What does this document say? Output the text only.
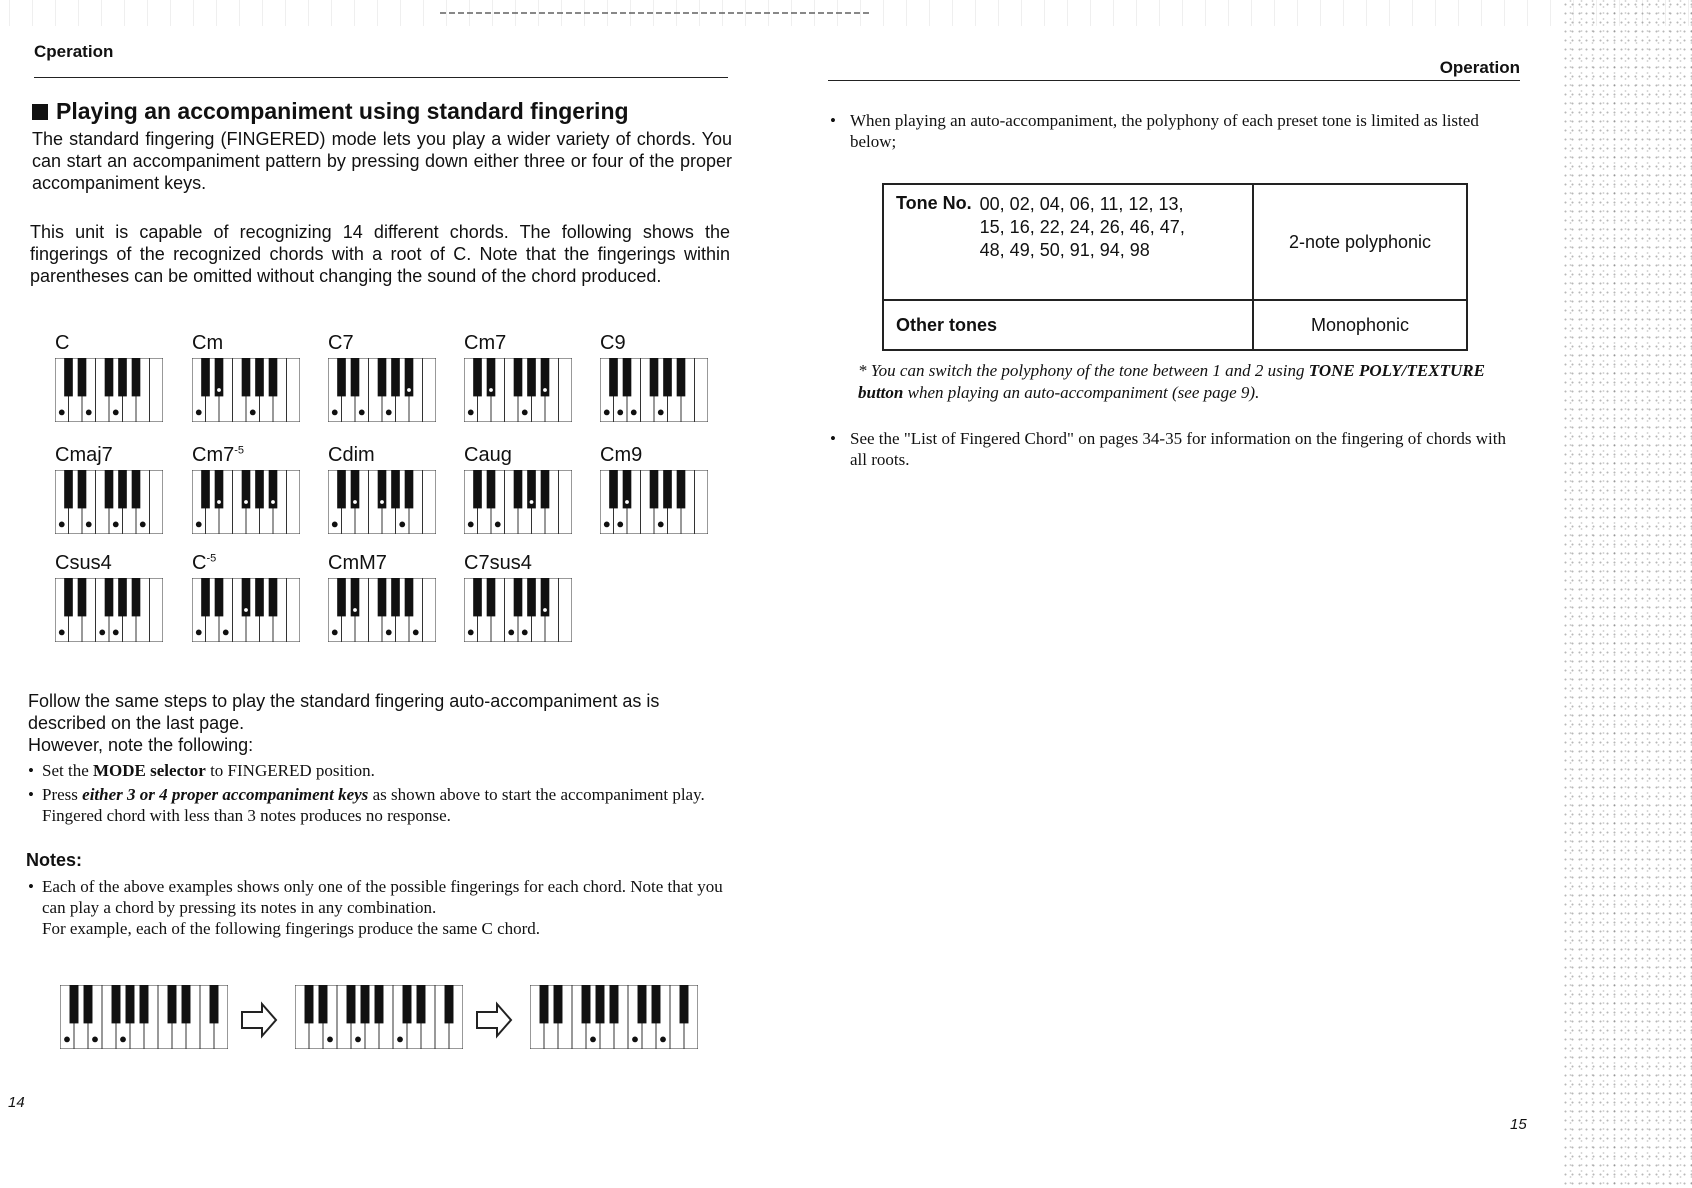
Cperation
Playing an accompaniment using standard fingering
The standard fingering (FINGERED) mode lets you play a wider variety of chords. You can start an accompaniment pattern by pressing down either three or four of the proper accompaniment keys.
This unit is capable of recognizing 14 different chords. The following shows the fingerings of the recognized chords with a root of C. Note that the fingerings within parentheses can be omitted without changing the sound of the chord produced.
C	Cm	C7	Cm7	C9
Cmaj7	$Cm7^{-5}$	Cdim	Caug	Cm9
Csus4	$C^{-5}$	CmM7	C7sus4
Follow the same steps to play the standard fingering auto-accompaniment as is described on the last page.
However, note the following:
• Set the MODE selector to FINGERED position.
• Press either 3 or 4 proper accompaniment keys as shown above to start the accompaniment play. Fingered chord with less than 3 notes produces no response.
Notes:
• Each of the above examples shows only one of the possible fingerings for each chord. Note that you can play a chord by pressing its notes in any combination.
For example, each of the following fingerings produce the same C chord.
14
Operation
• When playing an auto-accompaniment, the polyphony of each preset tone is limited as listed below;
Tone No. 00, 02, 04, 06, 11, 12, 13, 15, 16, 22, 24, 26, 46, 47, 48, 49, 50, 91, 94, 98	2-note polyphonic
Other tones	Monophonic
* You can switch the polyphony of the tone between 1 and 2 using TONE POLY/TEXTURE button when playing an auto-accompaniment (see page 9).
• See the "List of Fingered Chord" on pages 34-35 for information on the fingering of chords with all roots.
15
